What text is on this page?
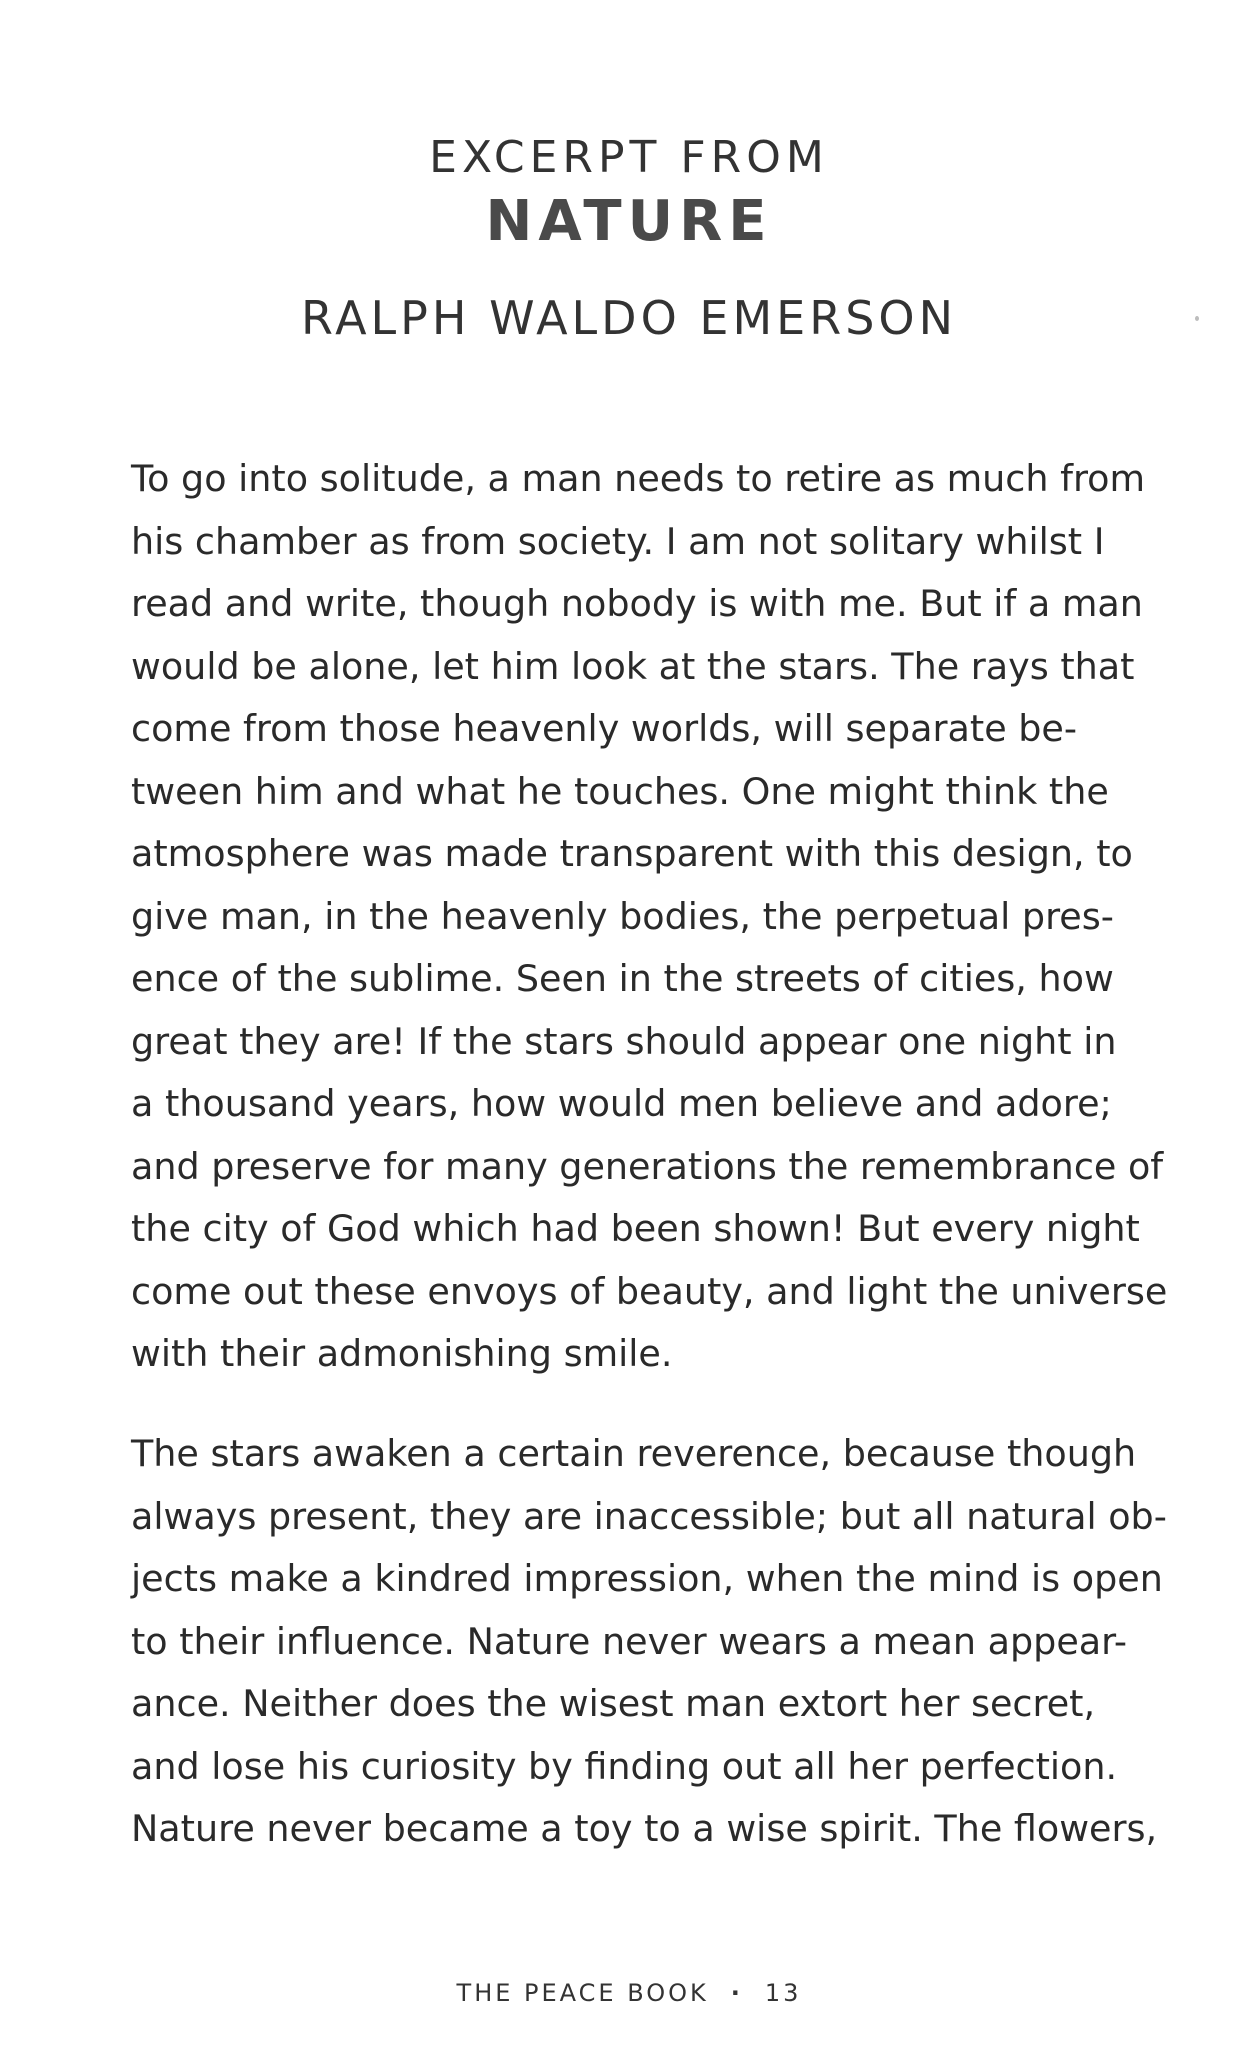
EXCERPT FROM
NATURE
RALPH WALDO EMERSON
To go into solitude, a man needs to retire as much from
his chamber as from society. I am not solitary whilst I
read and write, though nobody is with me. But if a man
would be alone, let him look at the stars. The rays that
come from those heavenly worlds, will separate be-
tween him and what he touches. One might think the
atmosphere was made transparent with this design, to
give man, in the heavenly bodies, the perpetual pres-
ence of the sublime. Seen in the streets of cities, how
great they are! If the stars should appear one night in
a thousand years, how would men believe and adore;
and preserve for many generations the remembrance of
the city of God which had been shown! But every night
come out these envoys of beauty, and light the universe
with their admonishing smile.
The stars awaken a certain reverence, because though
always present, they are inaccessible; but all natural ob-
jects make a kindred impression, when the mind is open
to their influence. Nature never wears a mean appear-
ance. Neither does the wisest man extort her secret,
and lose his curiosity by finding out all her perfection.
Nature never became a toy to a wise spirit. The flowers,
THE PEACE BOOK · 13
